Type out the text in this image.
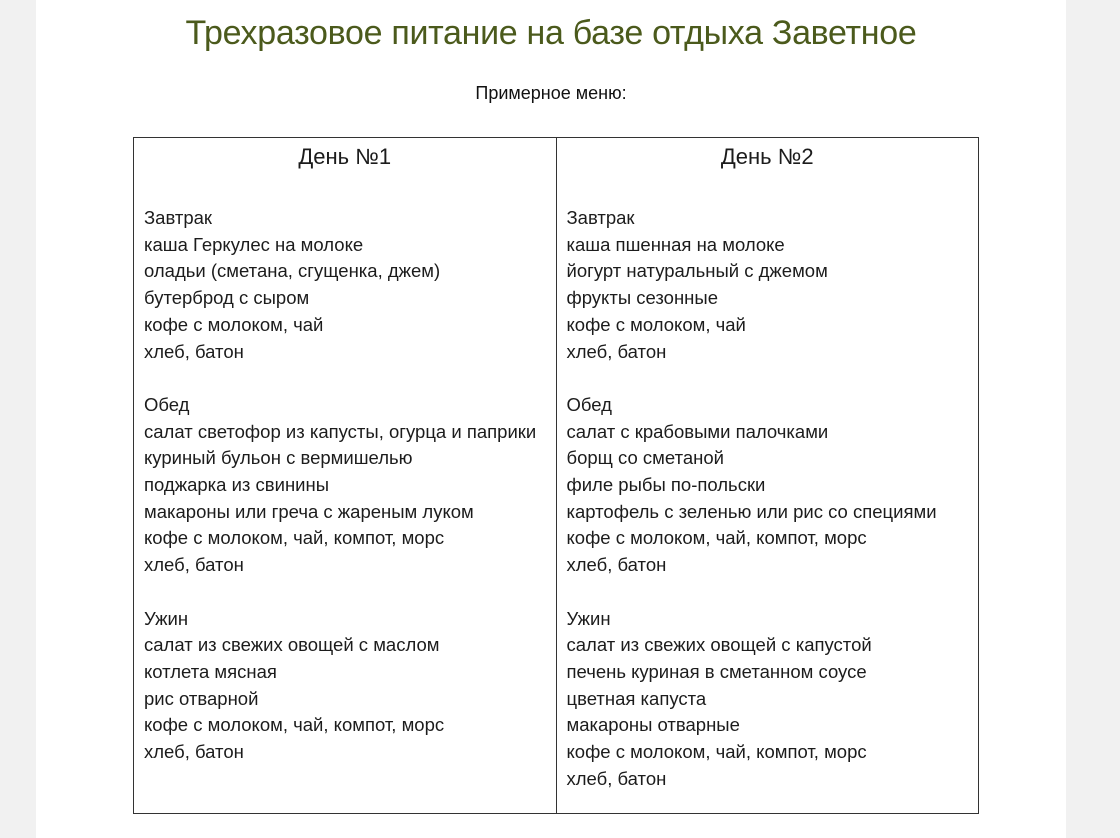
Трехразовое питание на базе отдыха Заветное

Примерное меню:

День №1
Завтрак
каша Геркулес на молоке
оладьи (сметана, сгущенка, джем)
бутерброд с сыром
кофе с молоком, чай
хлеб, батон
Обед
салат светофор из капусты, огурца и паприки
куриный бульон с вермишелью
поджарка из свинины
макароны или греча с жареным луком
кофе с молоком, чай, компот, морс
хлеб, батон
Ужин
салат из свежих овощей с маслом
котлета мясная
рис отварной
кофе с молоком, чай, компот, морс
хлеб, батон
День №2
Завтрак
каша пшенная на молоке
йогурт натуральный с джемом
фрукты сезонные
кофе с молоком, чай
хлеб, батон
Обед
салат с крабовыми палочками
борщ со сметаной
филе рыбы по-польски
картофель с зеленью или рис со специями
кофе с молоком, чай, компот, морс
хлеб, батон
Ужин
салат из свежих овощей с капустой
печень куриная в сметанном соусе
цветная капуста
макароны отварные
кофе с молоком, чай, компот, морс
хлеб, батон
